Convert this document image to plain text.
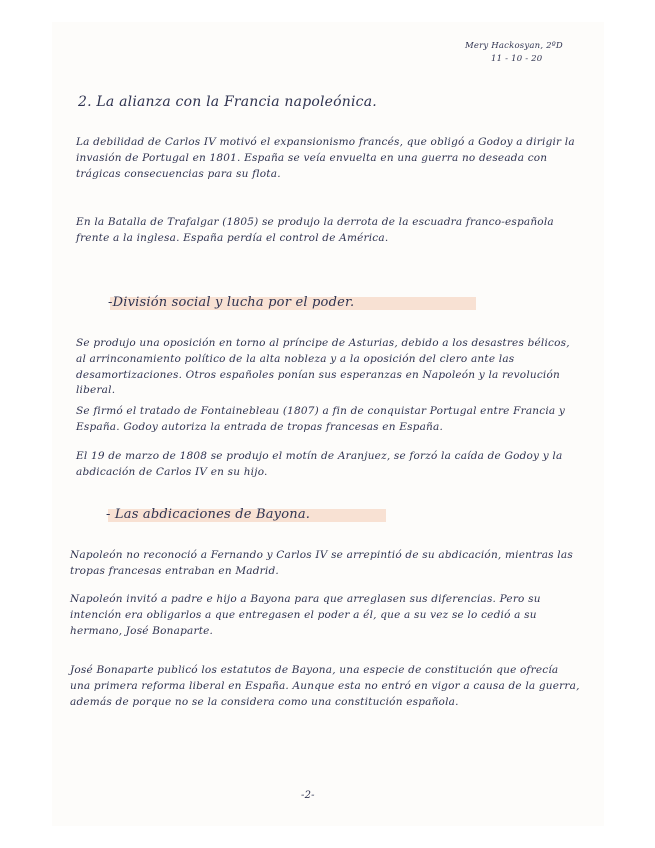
Mery Hackosyan, 2ºD
11 - 10 - 20
2. La alianza con la Francia napoleónica.

La debilidad de Carlos IV motivó el expansionismo francés, que obligó a Godoy a dirigir la invasión de Portugal en 1801. España se veía envuelta en una guerra no deseada con trágicas consecuencias para su flota.

En la Batalla de Trafalgar (1805) se produjo la derrota de la escuadra franco-española frente a la inglesa. España perdía el control de América.

-División social y lucha por el poder.

Se produjo una oposición en torno al príncipe de Asturias, debido a los desastres bélicos, al arrinconamiento político de la alta nobleza y a la oposición del clero ante las desamortizaciones. Otros españoles ponían sus esperanzas en Napoleón y la revolución liberal.

Se firmó el tratado de Fontainebleau (1807) a fin de conquistar Portugal entre Francia y España. Godoy autoriza la entrada de tropas francesas en España.

El 19 de marzo de 1808 se produjo el motín de Aranjuez, se forzó la caída de Godoy y la abdicación de Carlos IV en su hijo.

- Las abdicaciones de Bayona.

Napoleón no reconoció a Fernando y Carlos IV se arrepintió de su abdicación, mientras las tropas francesas entraban en Madrid.

Napoleón invitó a padre e hijo a Bayona para que arreglasen sus diferencias. Pero su intención era obligarlos a que entregasen el poder a él, que a su vez se lo cedió a su hermano, José Bonaparte.

José Bonaparte publicó los estatutos de Bayona, una especie de constitución que ofrecía una primera reforma liberal en España. Aunque esta no entró en vigor a causa de la guerra, además de porque no se la considera como una constitución española.

-2-
